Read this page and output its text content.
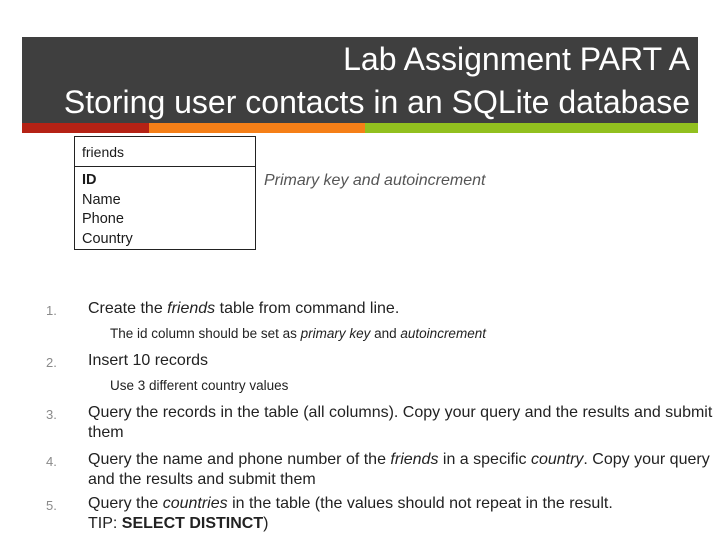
Lab Assignment PART A
Storing user contacts in an SQLite database
friends
ID
Name
Phone
Country
Primary key and autoincrement
1. Create the friends table from command line.
The id column should be set as primary key and autoincrement
2. Insert 10 records
Use 3 different country values
3. Query the records in the table (all columns). Copy your query and the results and submit them
4. Query the name and phone number of the friends in a specific country. Copy your query and the results and submit them
5. Query the countries in the table (the values should not repeat in the result.
TIP: SELECT DISTINCT)
